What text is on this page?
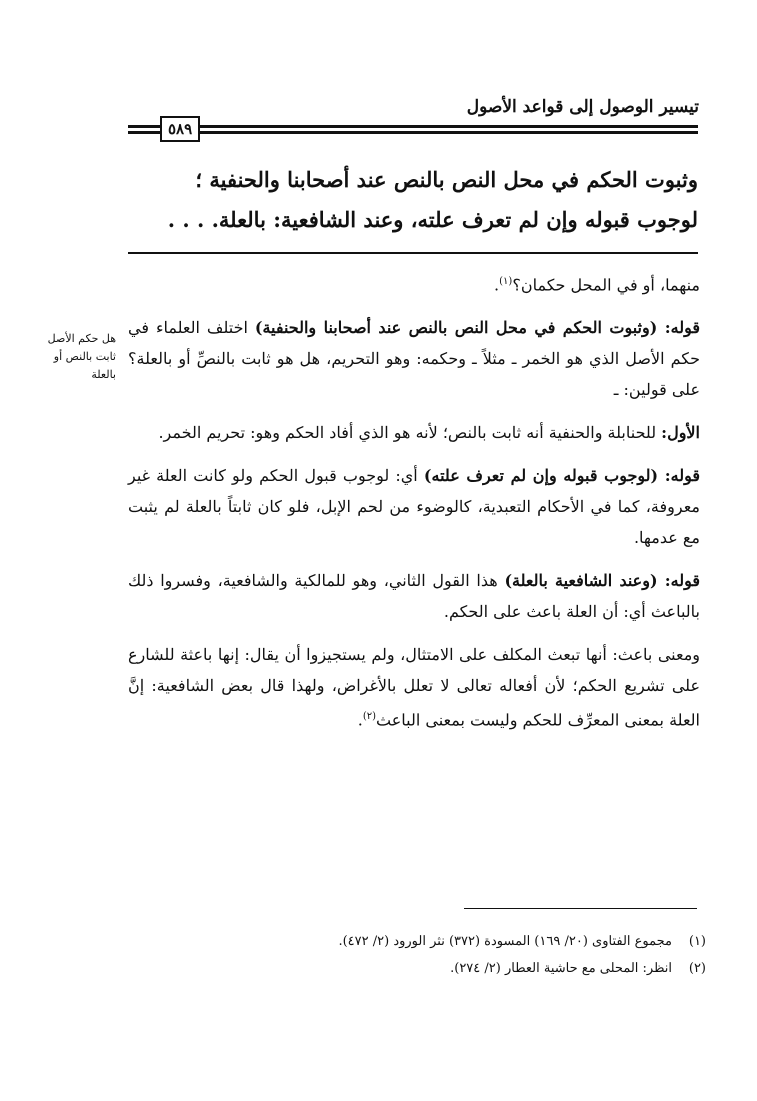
تيسير الوصول إلى قواعد الأصول
٥٨٩
وثبوت الحكم في محل النص بالنص عند أصحابنا والحنفية ؛
لوجوب قبوله وإن لم تعرف علته، وعند الشافعية: بالعلة. . . .
هل حكم الأصل
ثابت بالنص أو
بالعلة

منهما، أو في المحل حكمان؟$^{(١)}$.

قوله: (وثبوت الحكم في محل النص بالنص عند أصحابنا والحنفية) اختلف العلماء في حكم الأصل الذي هو الخمر ـ مثلاً ـ وحكمه: وهو التحريم، هل هو ثابت بالنصِّ أو بالعلة؟ على قولين: ـ

الأول: للحنابلة والحنفية أنه ثابت بالنص؛ لأنه هو الذي أفاد الحكم وهو: تحريم الخمر.

قوله: (لوجوب قبوله وإن لم تعرف علته) أي: لوجوب قبول الحكم ولو كانت العلة غير معروفة، كما في الأحكام التعبدية، كالوضوء من لحم الإبل، فلو كان ثابتاً بالعلة لم يثبت مع عدمها.

قوله: (وعند الشافعية بالعلة) هذا القول الثاني، وهو للمالكية والشافعية، وفسروا ذلك بالباعث أي: أن العلة باعث على الحكم.

ومعنى باعث: أنها تبعث المكلف على الامتثال، ولم يستجيزوا أن يقال: إنها باعثة للشارع على تشريع الحكم؛ لأن أفعاله تعالى لا تعلل بالأغراض، ولهذا قال بعض الشافعية: إنَّ العلة بمعنى المعرِّف للحكم وليست بمعنى الباعث$^{(٢)}$.

(١)مجموع الفتاوى (٢٠/ ١٦٩) المسودة (٣٧٢) نثر الورود (٢/ ٤٧٢).
(٢)انظر: المحلى مع حاشية العطار (٢/ ٢٧٤).
